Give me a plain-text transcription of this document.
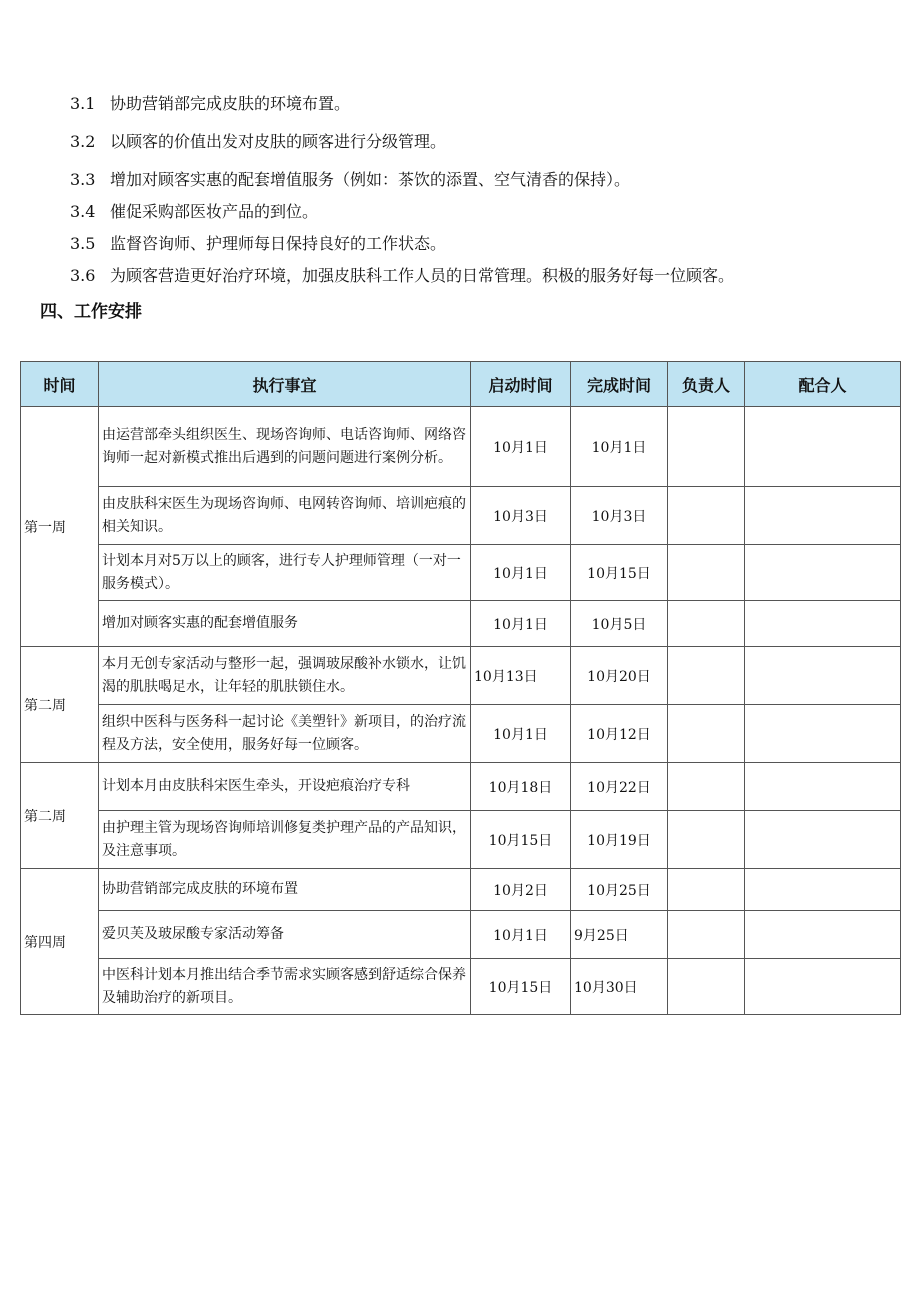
3.1 协助营销部完成皮肤的环境布置。
3.2 以顾客的价值出发对皮肤的顾客进行分级管理。
3.3 增加对顾客实惠的配套增值服务（例如：茶饮的添置、空气清香的保持）。
3.4 催促采购部医妆产品的到位。
3.5 监督咨询师、护理师每日保持良好的工作状态。
3.6 为顾客营造更好治疗环境，加强皮肤科工作人员的日常管理。积极的服务好每一位顾客。
四、工作安排
时间	执行事宜	启动时间	完成时间	负责人	配合人
第一周	由运营部牵头组织医生、现场咨询师、电话咨询师、网络咨询师一起对新模式推出后遇到的问题问题进行案例分析。	10月1日	10月1日		
	由皮肤科宋医生为现场咨询师、电网转咨询师、培训疤痕的相关知识。	10月3日	10月3日		
	计划本月对5万以上的顾客，进行专人护理师管理（一对一服务模式）。	10月1日	10月15日		
	增加对顾客实惠的配套增值服务	10月1日	10月5日		
第二周	本月无创专家活动与整形一起，强调玻尿酸补水锁水，让饥渴的肌肤喝足水，让年轻的肌肤锁住水。	10月13日	10月20日		
	组织中医科与医务科一起讨论《美塑针》新项目，的治疗流程及方法，安全使用，服务好每一位顾客。	10月1日	10月12日		
第二周	计划本月由皮肤科宋医生牵头，开设疤痕治疗专科	10月18日	10月22日		
	由护理主管为现场咨询师培训修复类护理产品的产品知识，及注意事项。	10月15日	10月19日		
第四周	协助营销部完成皮肤的环境布置	10月2日	10月25日		
	爱贝芙及玻尿酸专家活动筹备	10月1日	9月25日		
	中医科计划本月推出结合季节需求实顾客感到舒适综合保养及辅助治疗的新项目。	10月15日	10月30日		
